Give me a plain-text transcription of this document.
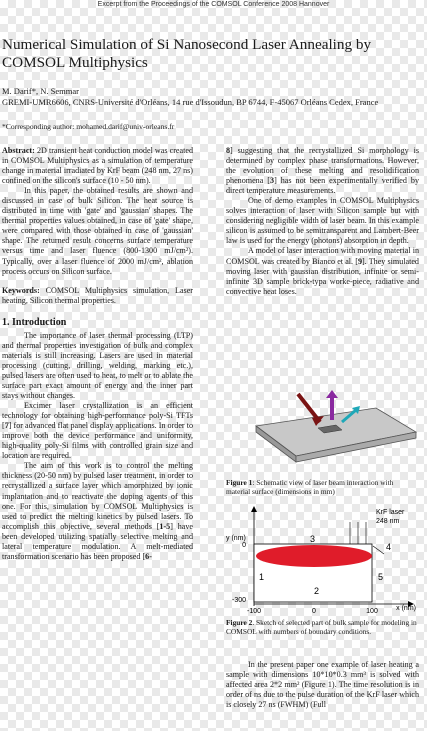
Excerpt from the Proceedings of the COMSOL Conference 2008 Hannover
Numerical Simulation of Si Nanosecond Laser Annealing by COMSOL Multiphysics
M. Darif*, N. Semmar
GREMI-UMR6606, CNRS-Université d'Orléans, 14 rue d'Issoudun, BP 6744, F-45067 Orléans Cedex, France
*Corresponding author: mohamed.darif@univ-orleans.fr

Abstract: 2D transient heat conduction model was created in COMSOL Multiphysics as a simulation of temperature change in material irradiated by KrF beam (248 nm, 27 ns) confined on the silicon's surface (10 - 50 nm).

In this paper, the obtained results are shown and discussed in case of bulk Silicon. The heat source is distributed in time with 'gate' and 'gaussian' shapes. The thermal properties values obtained, in case of 'gate' shape, were compared with those obtained in case of 'gaussian' shape. The returned result concerns surface temperature versus time and laser fluence (800-1300 mJ/cm²). Typically, over a laser fluence of 2000 mJ/cm², ablation process occurs on Silicon surface.

Keywords: COMSOL Multiphysics simulation, Laser heating, Silicon thermal properties.

1. Introduction

The importance of laser thermal processing (LTP) and thermal properties investigation of bulk and complex materials is still increasing. Lasers are used in material processing (cutting, drilling, welding, marking etc.), pulsed lasers are often used to heat, to melt or to ablate the surface part exact amount of energy and the inner part stays without changes.

Excimer laser crystallization is an efficient technology for obtaining high-performance poly-Si TFTs [7] for advanced flat panel display applications. In order to improve both the device performance and uniformity, high-quality poly-Si films with controlled grain size and location are required.

The aim of this work is to control the melting thickness (20-50 nm) by pulsed laser treatment, in order to recrystallized a surface layer which amorphized by ionic implantation and to reactivate the doping agents of this one. For this, simulation by COMSOL Multiphysics is used to predict the melting kinetics by pulsed lasers. To accomplish this objective, several methods [1-5] have been developed utilizing spatially selective melting and lateral temperature modulation. A melt-mediated transformation scenario has been proposed [6-

8] suggesting that the recrystallized Si morphology is determined by complex phase transformations. However, the evolution of these melting and resolidification phenomena [3] has not been experimentally verified by direct temperature measurements.

One of demo examples in COMSOL Multiphysics solves interaction of laser with Silicon sample but with considering negligible width of laser beam. In this example silicon is assumed to be semitransparent and Lambert-Beer law is used for the energy (photons) absorption in depth.

A model of laser interaction with moving material in COMSOL was created by Bianco et al. [9]. They simulated moving laser with gaussian distribution, infinite or semi-infinite 3D sample brick-typa worke-piece, radiative and convective heat loses.

Figure 1: Schematic view of laser beam interaction with material surface (dimensions in mm)
y (nm)
0
-300
-100	0	100	x (nm)
KrF laser
248 nm
1
2
3
4
5
Figure 2. Sketch of selected part of bulk sample for modeling in COMSOL with numbers of boundary conditions.

In the present paper one example of laser heating a sample with dimensions 10*10*0.3 mm³ is solved with affected area 2*2 mm² (Figure 1). The time resolution is in order of ns due to the pulse duration of the KrF laser which is closely 27 ns (FWHM) (Full
